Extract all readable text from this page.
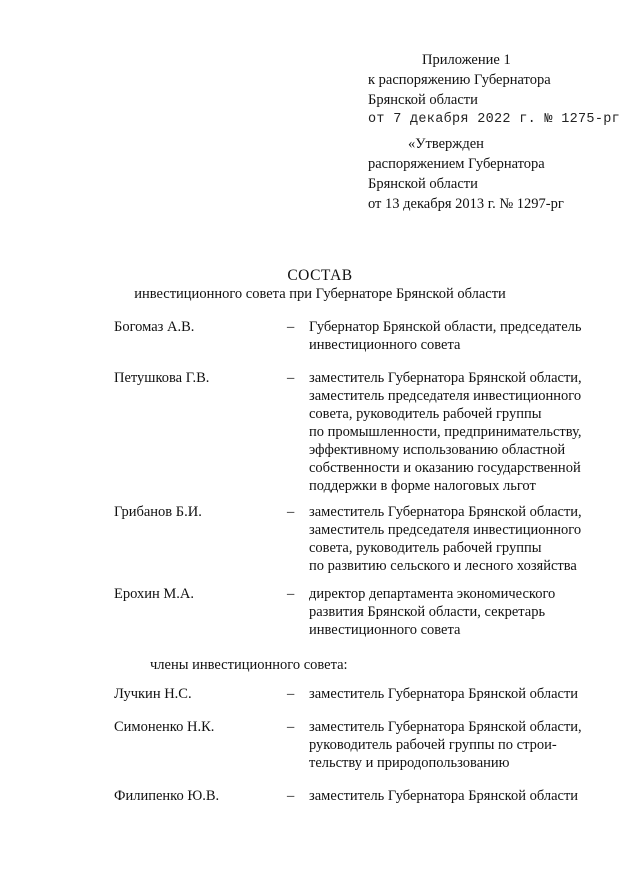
Приложение 1
к распоряжению Губернатора
Брянской области
от 7 декабря 2022 г. № 1275-рг
«Утвержден
распоряжением Губернатора
Брянской области
от 13 декабря 2013 г. № 1297-рг
СОСТАВ
инвестиционного совета при Губернаторе Брянской области
Богомаз А.В.	– Губернатор Брянской области, председатель
инвестиционного совета
Петушкова Г.В.	– заместитель Губернатора Брянской области,
заместитель председателя инвестиционного
совета, руководитель рабочей группы
по промышленности, предпринимательству,
эффективному использованию областной
собственности и оказанию государственной
поддержки в форме налоговых льгот
Грибанов Б.И.	– заместитель Губернатора Брянской области,
заместитель председателя инвестиционного
совета, руководитель рабочей группы
по развитию сельского и лесного хозяйства
Ерохин М.А.	– директор департамента экономического
развития Брянской области, секретарь
инвестиционного совета
члены инвестиционного совета:
Лучкин Н.С.	– заместитель Губернатора Брянской области
Симоненко Н.К.	– заместитель Губернатора Брянской области,
руководитель рабочей группы по строи-
тельству и природопользованию
Филипенко Ю.В.	– заместитель Губернатора Брянской области
